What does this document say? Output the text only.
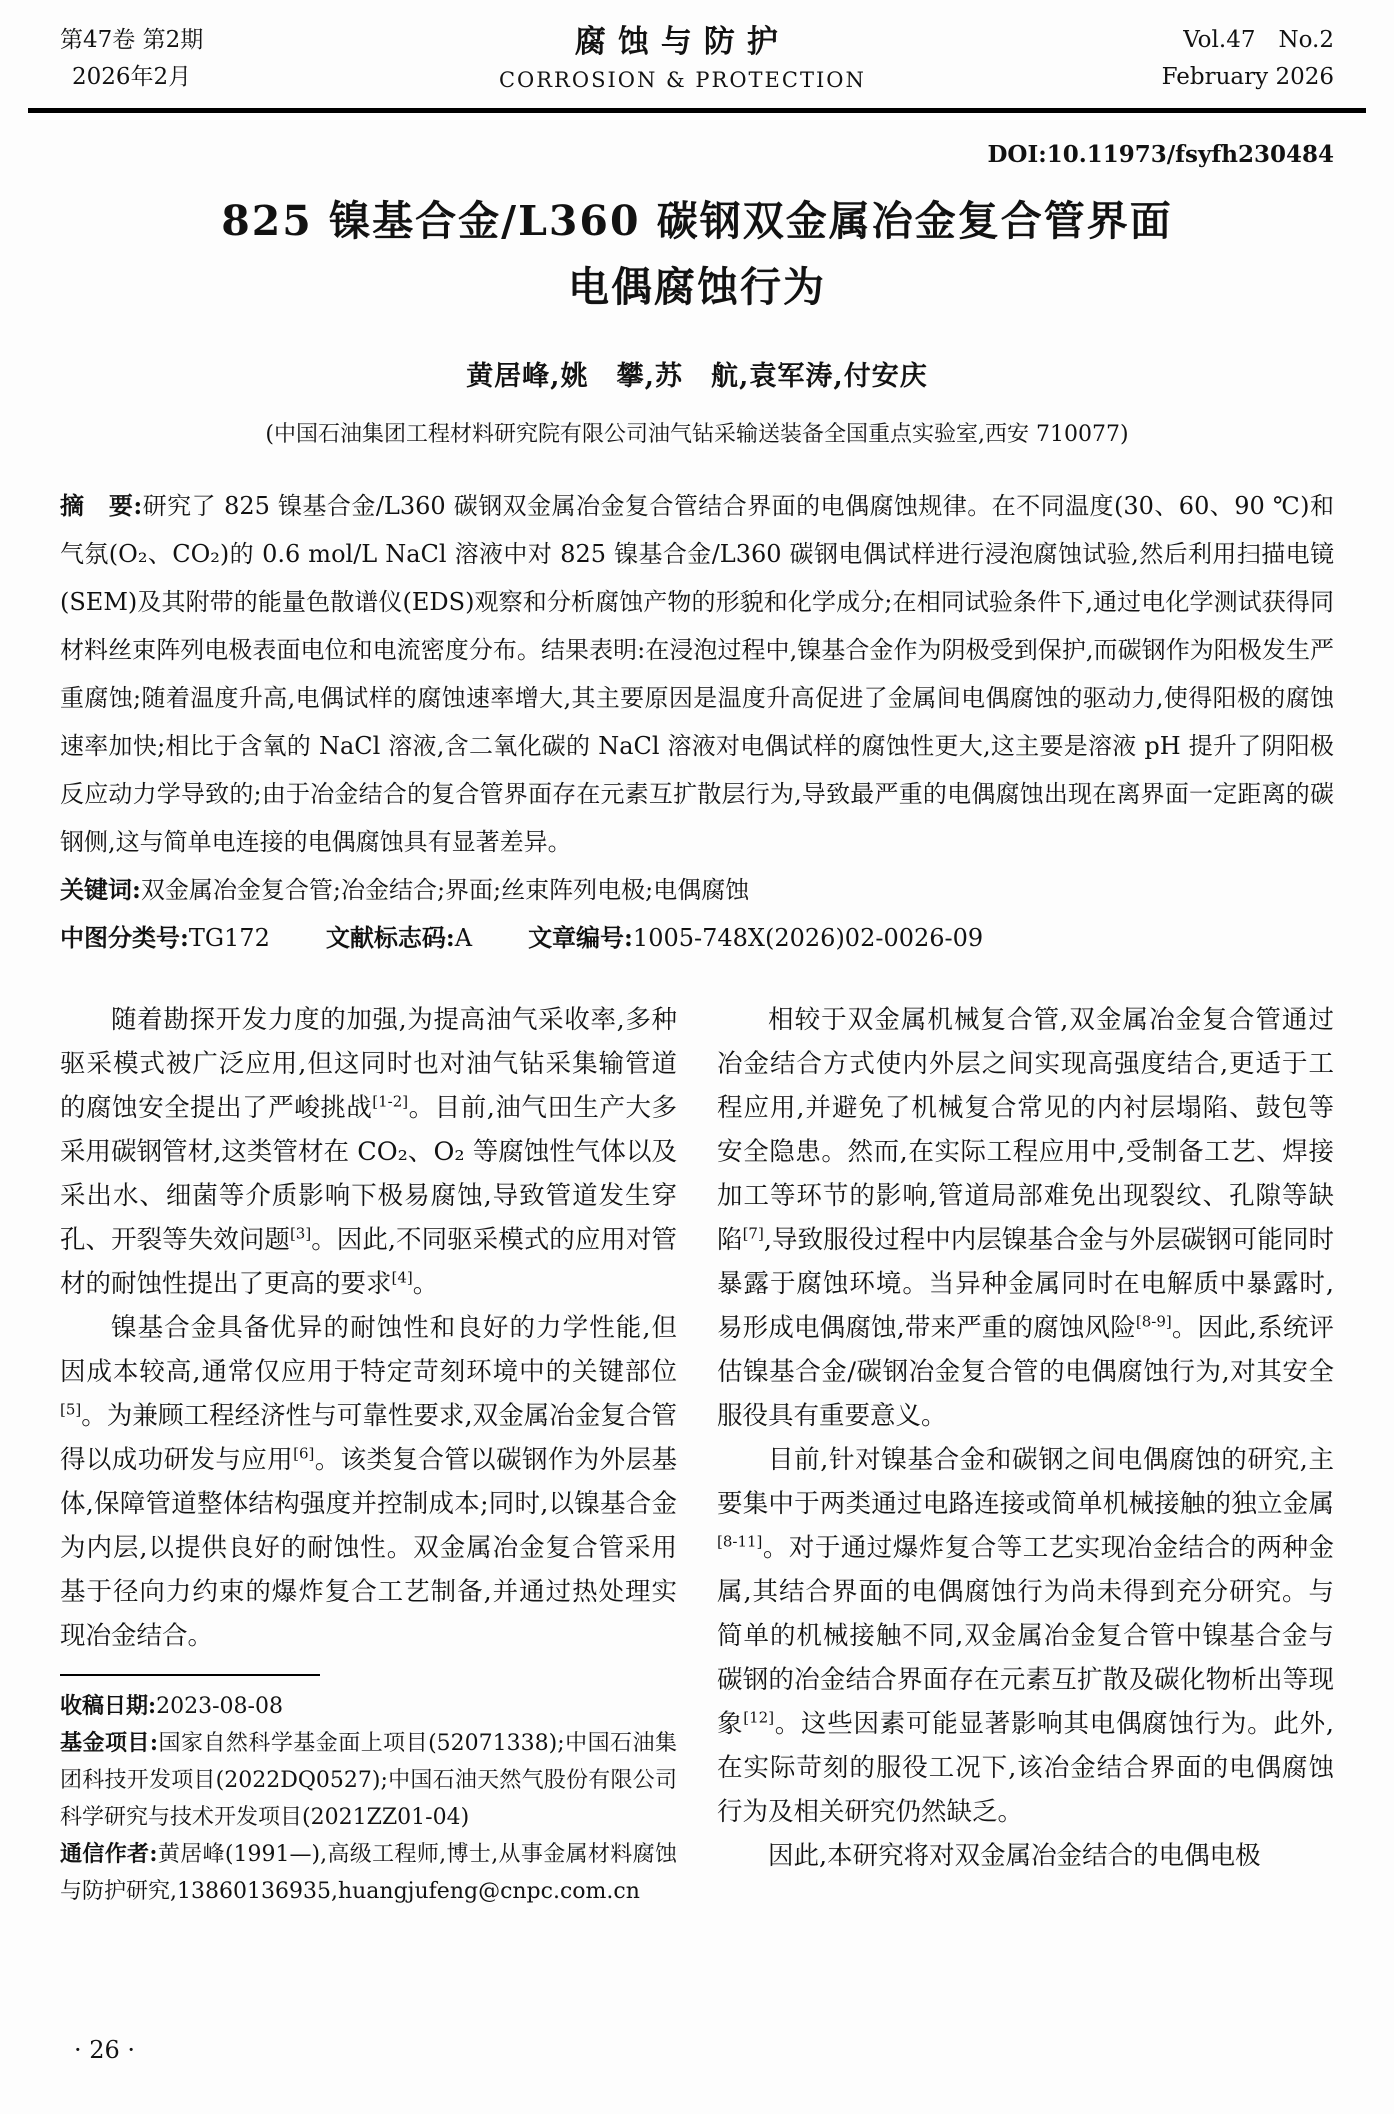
第47卷 第2期
2026年2月
腐蚀与防护
CORROSION & PROTECTION
Vol.47　No.2
February 2026
DOI:10.11973/fsyfh230484
825 镍基合金/L360 碳钢双金属冶金复合管界面
电偶腐蚀行为
黄居峰,姚　攀,苏　航,袁军涛,付安庆
(中国石油集团工程材料研究院有限公司油气钻采输送装备全国重点实验室,西安 710077)

摘　要:研究了 825 镍基合金/L360 碳钢双金属冶金复合管结合界面的电偶腐蚀规律。在不同温度(30、60、90 ℃)和气氛(O₂、CO₂)的 0.6 mol/L NaCl 溶液中对 825 镍基合金/L360 碳钢电偶试样进行浸泡腐蚀试验,然后利用扫描电镜(SEM)及其附带的能量色散谱仪(EDS)观察和分析腐蚀产物的形貌和化学成分;在相同试验条件下,通过电化学测试获得同材料丝束阵列电极表面电位和电流密度分布。结果表明:在浸泡过程中,镍基合金作为阴极受到保护,而碳钢作为阳极发生严重腐蚀;随着温度升高,电偶试样的腐蚀速率增大,其主要原因是温度升高促进了金属间电偶腐蚀的驱动力,使得阳极的腐蚀速率加快;相比于含氧的 NaCl 溶液,含二氧化碳的 NaCl 溶液对电偶试样的腐蚀性更大,这主要是溶液 pH 提升了阴阳极反应动力学导致的;由于冶金结合的复合管界面存在元素互扩散层行为,导致最严重的电偶腐蚀出现在离界面一定距离的碳钢侧,这与简单电连接的电偶腐蚀具有显著差异。

关键词:双金属冶金复合管;冶金结合;界面;丝束阵列电极;电偶腐蚀

中图分类号:TG172 文献标志码:A 文章编号:1005-748X(2026)02-0026-09

随着勘探开发力度的加强,为提高油气采收率,多种驱采模式被广泛应用,但这同时也对油气钻采集输管道的腐蚀安全提出了严峻挑战[1-2]。目前,油气田生产大多采用碳钢管材,这类管材在 CO₂、O₂ 等腐蚀性气体以及采出水、细菌等介质影响下极易腐蚀,导致管道发生穿孔、开裂等失效问题[3]。因此,不同驱采模式的应用对管材的耐蚀性提出了更高的要求[4]。

镍基合金具备优异的耐蚀性和良好的力学性能,但因成本较高,通常仅应用于特定苛刻环境中的关键部位[5]。为兼顾工程经济性与可靠性要求,双金属冶金复合管得以成功研发与应用[6]。该类复合管以碳钢作为外层基体,保障管道整体结构强度并控制成本;同时,以镍基合金为内层,以提供良好的耐蚀性。双金属冶金复合管采用基于径向力约束的爆炸复合工艺制备,并通过热处理实现冶金结合。

收稿日期:2023-08-08

基金项目:国家自然科学基金面上项目(52071338);中国石油集团科技开发项目(2022DQ0527);中国石油天然气股份有限公司科学研究与技术开发项目(2021ZZ01-04)

通信作者:黄居峰(1991—),高级工程师,博士,从事金属材料腐蚀与防护研究,13860136935,huangjufeng@cnpc.com.cn

相较于双金属机械复合管,双金属冶金复合管通过冶金结合方式使内外层之间实现高强度结合,更适于工程应用,并避免了机械复合常见的内衬层塌陷、鼓包等安全隐患。然而,在实际工程应用中,受制备工艺、焊接加工等环节的影响,管道局部难免出现裂纹、孔隙等缺陷[7],导致服役过程中内层镍基合金与外层碳钢可能同时暴露于腐蚀环境。当异种金属同时在电解质中暴露时,易形成电偶腐蚀,带来严重的腐蚀风险[8-9]。因此,系统评估镍基合金/碳钢冶金复合管的电偶腐蚀行为,对其安全服役具有重要意义。

目前,针对镍基合金和碳钢之间电偶腐蚀的研究,主要集中于两类通过电路连接或简单机械接触的独立金属[8-11]。对于通过爆炸复合等工艺实现冶金结合的两种金属,其结合界面的电偶腐蚀行为尚未得到充分研究。与简单的机械接触不同,双金属冶金复合管中镍基合金与碳钢的冶金结合界面存在元素互扩散及碳化物析出等现象[12]。这些因素可能显著影响其电偶腐蚀行为。此外,在实际苛刻的服役工况下,该冶金结合界面的电偶腐蚀行为及相关研究仍然缺乏。

因此,本研究将对双金属冶金结合的电偶电极

· 26 ·
